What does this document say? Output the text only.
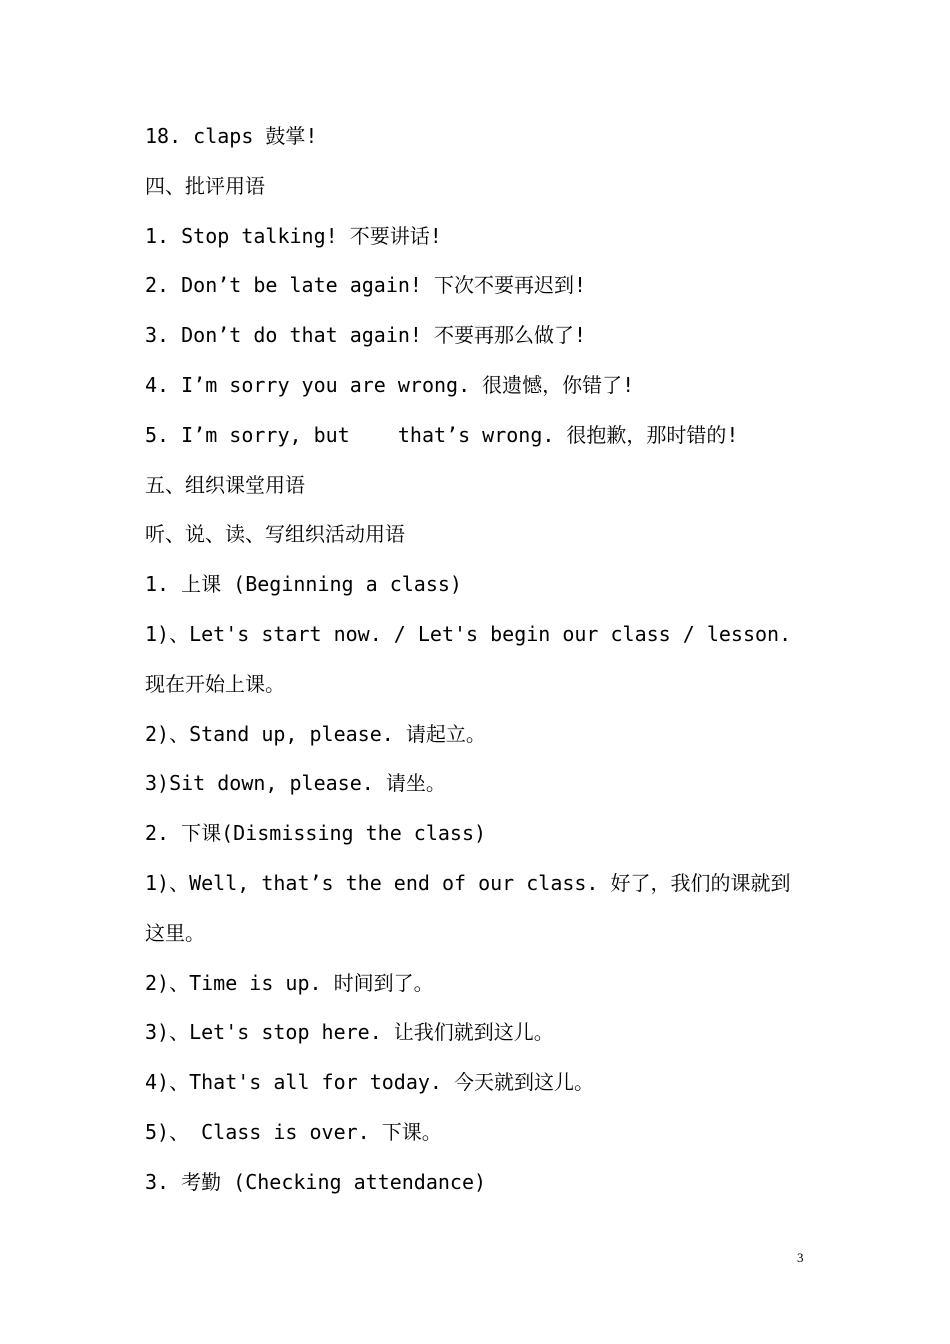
18. claps 鼓掌!
四、批评用语
1. Stop talking! 不要讲话!
2. Don’t be late again! 下次不要再迟到!
3. Don’t do that again! 不要再那么做了!
4. I’m sorry you are wrong. 很遗憾，你错了!
5. I’m sorry, but    that’s wrong. 很抱歉，那时错的!
五、组织课堂用语
听、说、读、写组织活动用语
1. 上课 (Beginning a class)
1)、Let's start now. / Let's begin our class / lesson. 现在开始上课。
2)、Stand up, please. 请起立。
3)Sit down, please. 请坐。
2. 下课(Dismissing the class)
1)、Well, that’s the end of our class. 好了，我们的课就到这里。
2)、Time is up. 时间到了。
3)、Let's stop here. 让我们就到这儿。
4)、That's all for today. 今天就到这儿。
5)、 Class is over. 下课。
3. 考勤 (Checking attendance)
3
